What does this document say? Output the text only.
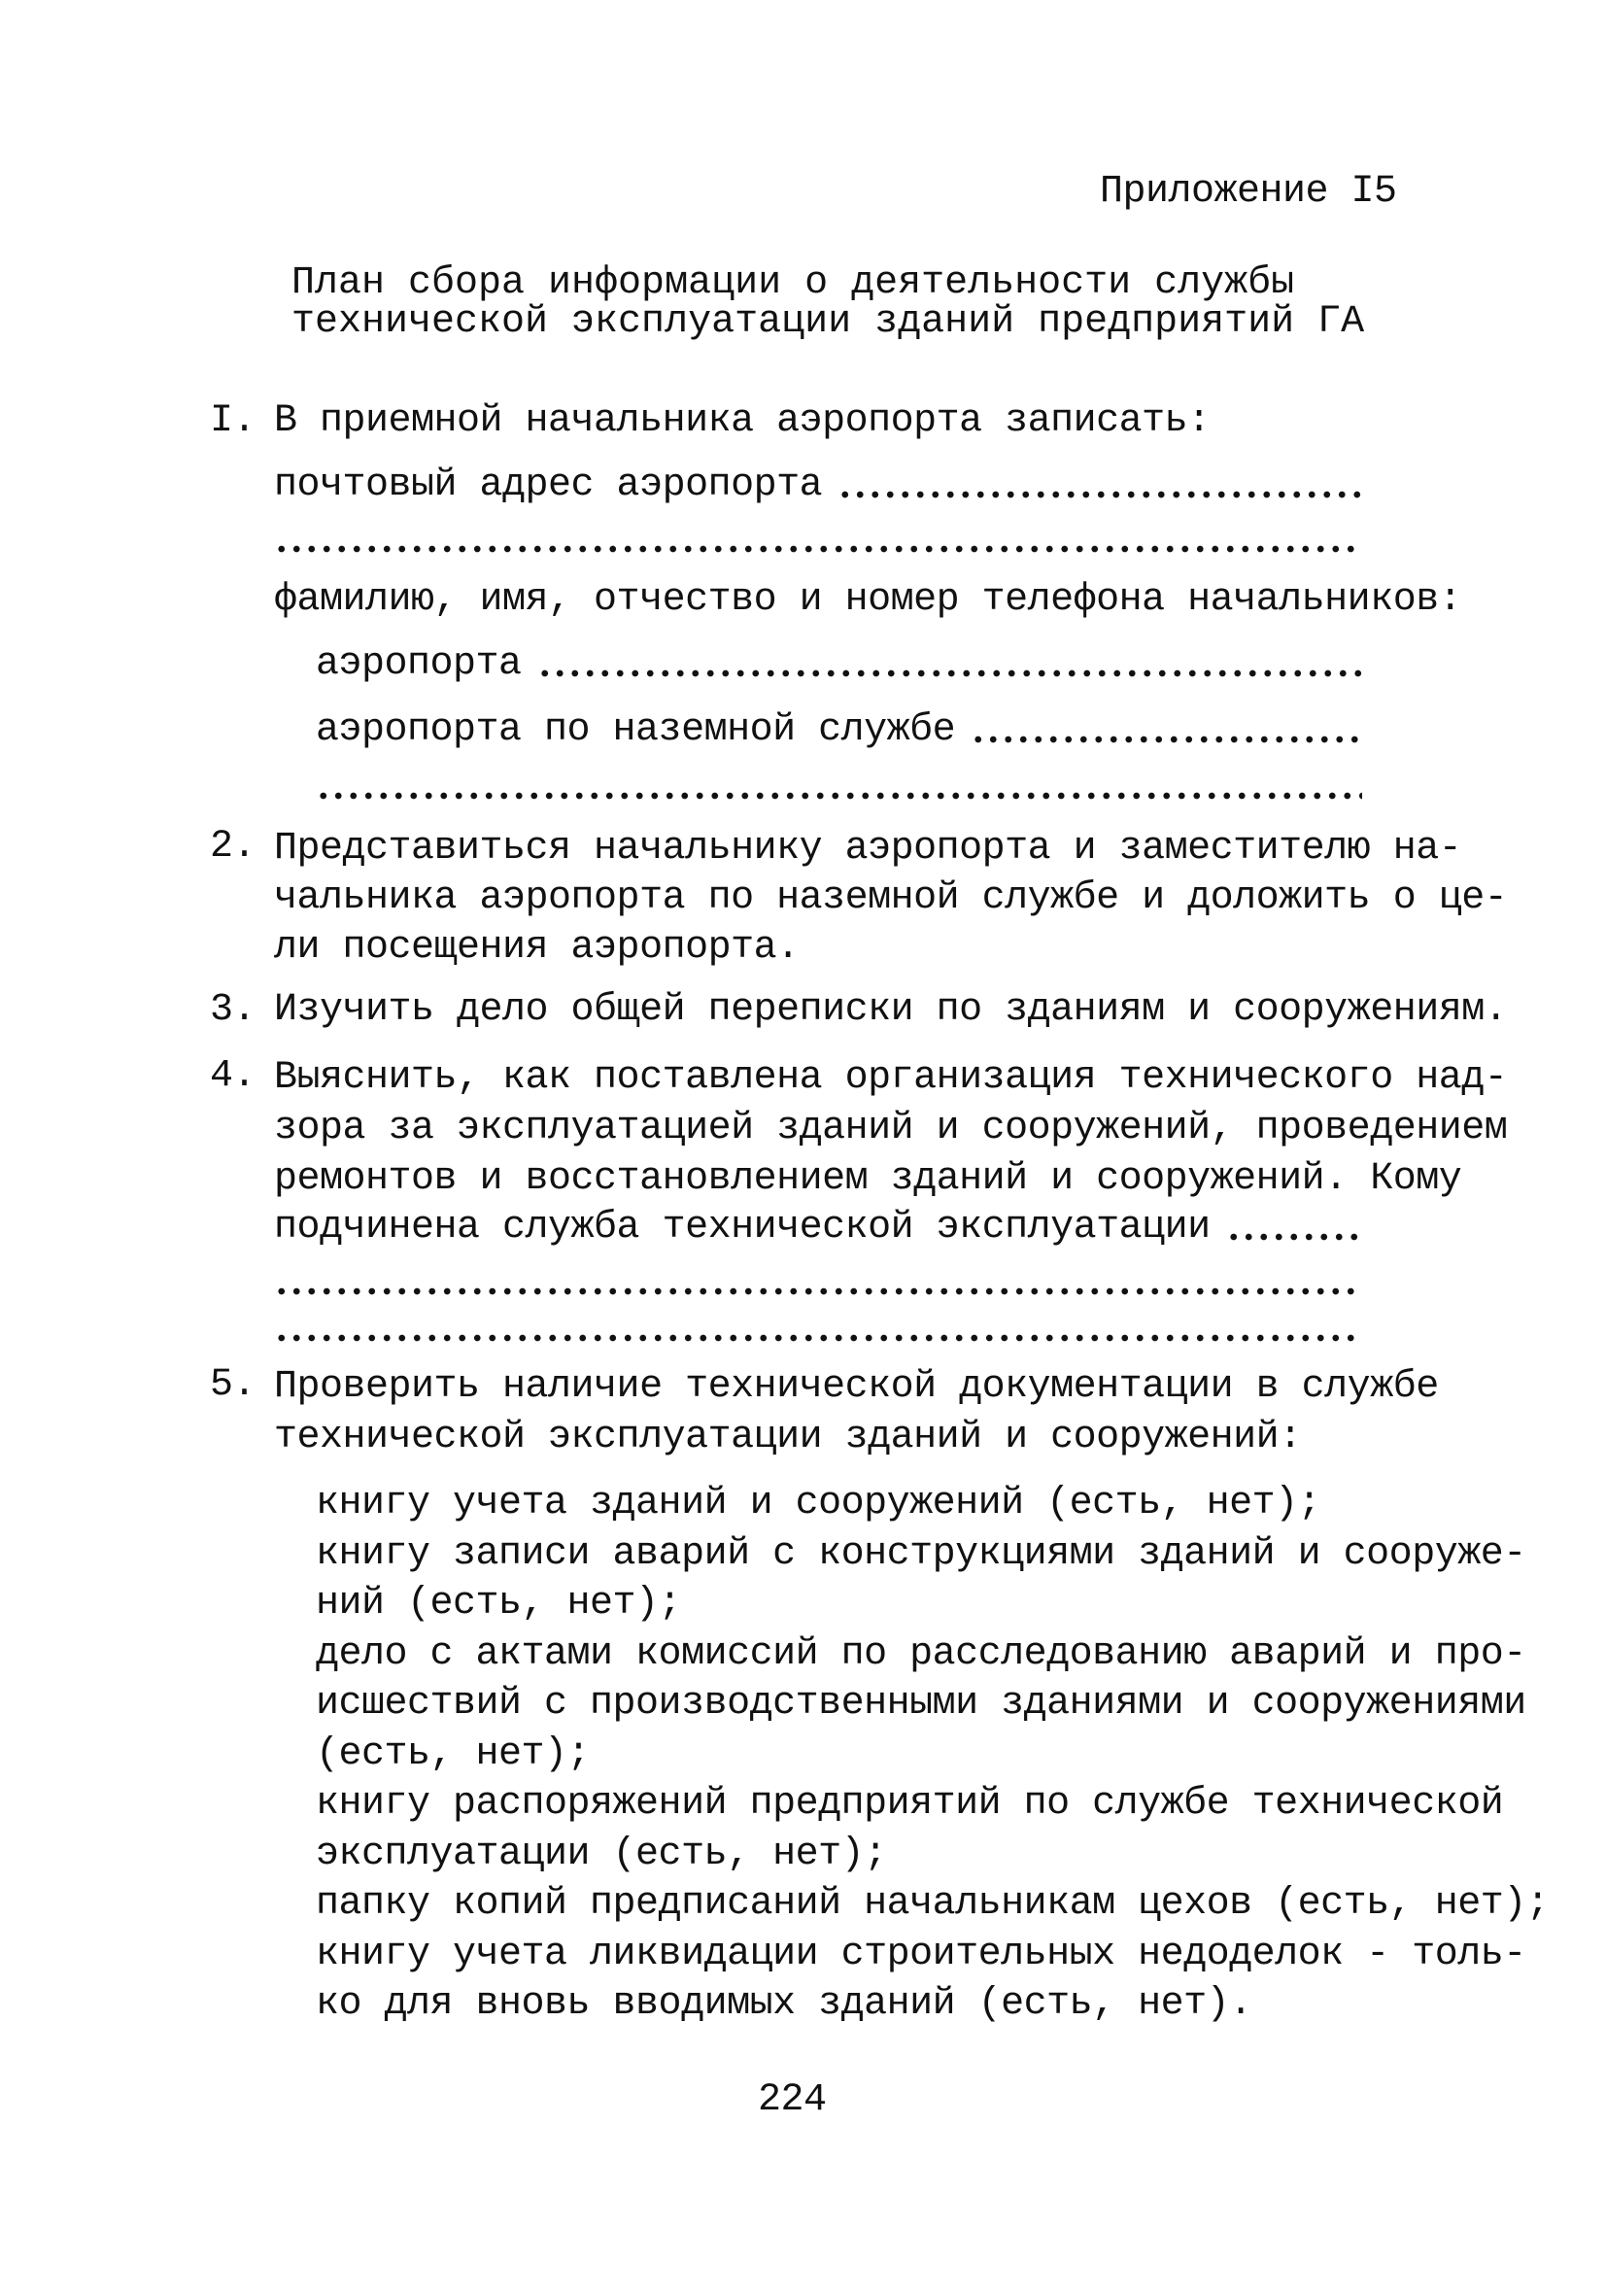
Приложение I5
План сбора информации о деятельности службы
технической эксплуатации зданий предприятий ГА
I. В приемной начальника аэропорта записать:
почтовый адрес аэропорта
фамилию, имя, отчество и номер телефона начальников:
аэропорта
аэропорта по наземной службе
2. Представиться начальнику аэропорта и заместителю на-
чальника аэропорта по наземной службе и доложить о це-
ли посещения аэропорта.
3. Изучить дело общей переписки по зданиям и сооружениям.
4. Выяснить, как поставлена организация технического над-
зора за эксплуатацией зданий и сооружений, проведением
ремонтов и восстановлением зданий и сооружений. Кому
подчинена служба технической эксплуатации
5. Проверить наличие технической документации в службе
технической эксплуатации зданий и сооружений:
книгу учета зданий и сооружений (есть, нет);
книгу записи аварий с конструкциями зданий и сооруже-
ний (есть, нет);
дело с актами комиссий по расследованию аварий и про-
исшествий с производственными зданиями и сооружениями
(есть, нет);
книгу распоряжений предприятий по службе технической
эксплуатации (есть, нет);
папку копий предписаний начальникам цехов (есть, нет);
книгу учета ликвидации строительных недоделок - толь-
ко для вновь вводимых зданий (есть, нет).
224
